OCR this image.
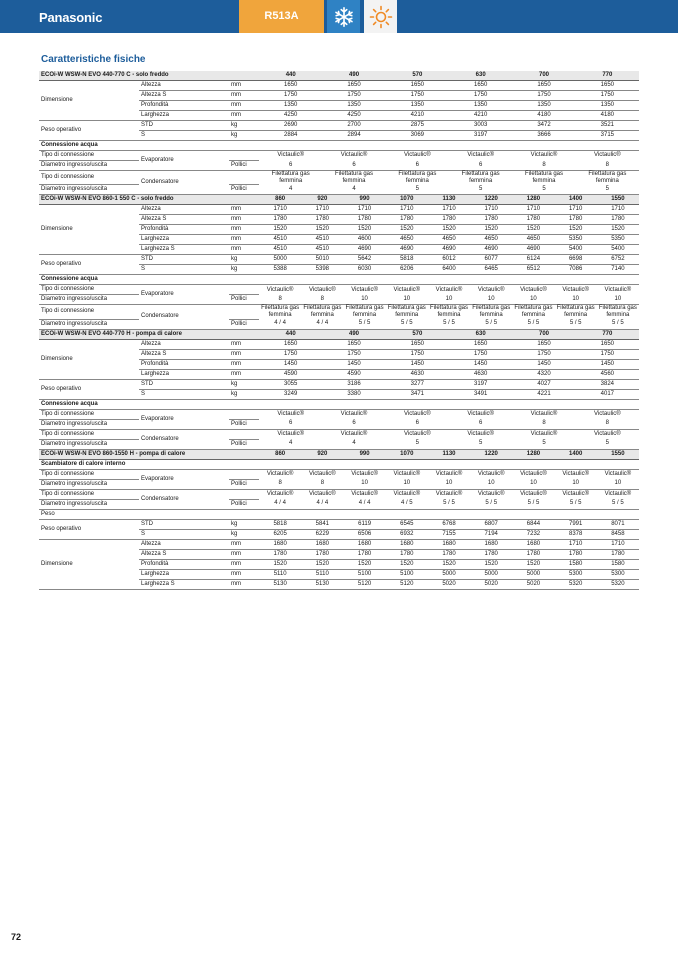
Panasonic	R513A
Caratteristiche fisiche
ECOi-W WSW-N EVO 440-770 C - solo freddo			440	490	570	630	700	770
Dimensione	Altezza	mm	1650	1650	1650	1650	1650	1650
	Altezza S	mm	1750	1750	1750	1750	1750	1750
	Profondità	mm	1350	1350	1350	1350	1350	1350
	Larghezza	mm	4250	4250	4210	4210	4180	4180
Peso operativo	STD	kg	2690	2700	2875	3003	3472	3521
	S	kg	2884	2894	3069	3197	3666	3715
Connessione acqua								
Tipo di connessione	Evaporatore		Victaulic®	Victaulic®	Victaulic®	Victaulic®	Victaulic®	Victaulic®
Diametro ingresso/uscita		Pollici	6	6	6	6	8	8
Tipo di connessione	Condensatore		Filettatura gas femmina	Filettatura gas femmina	Filettatura gas femmina	Filettatura gas femmina	Filettatura gas femmina	Filettatura gas femmina
Diametro ingresso/uscita		Pollici	4	4	5	5	5	5
ECOi-W WSW-N EVO 860-1 550 C - solo freddo			860	920	990	1070	1130	1220	1280	1400	1550
Dimensione	Altezza	mm	1710	1710	1710	1710	1710	1710	1710	1710	1710
	Altezza S	mm	1780	1780	1780	1780	1780	1780	1780	1780	1780
	Profondità	mm	1520	1520	1520	1520	1520	1520	1520	1520	1520
	Larghezza	mm	4510	4510	4600	4650	4650	4650	4650	5350	5350
	Larghezza S	mm	4510	4510	4690	4690	4690	4690	4690	5400	5400
Peso operativo	STD	kg	5000	5010	5642	5818	6012	6077	6124	6698	6752
	S	kg	5388	5398	6030	6206	6400	6465	6512	7086	7140
Connessione acqua											
Tipo di connessione	Evaporatore		Victaulic®	Victaulic®	Victaulic®	Victaulic®	Victaulic®	Victaulic®	Victaulic®	Victaulic®	Victaulic®
Diametro ingresso/uscita		Pollici	8	8	10	10	10	10	10	10	10
Tipo di connessione	Condensatore		Filettatura gas femmina	Filettatura gas femmina	Filettatura gas femmina	Filettatura gas femmina	Filettatura gas femmina	Filettatura gas femmina	Filettatura gas femmina	Filettatura gas femmina	Filettatura gas femmina
Diametro ingresso/uscita		Pollici	4 / 4	4 / 4	5 / 5	5 / 5	5 / 5	5 / 5	5 / 5	5 / 5	5 / 5
ECOi-W WSW-N EVO 440-770 H - pompa di calore			440	490	570	630	700	770
Dimensione	Altezza	mm	1650	1650	1650	1650	1650	1650
	Altezza S	mm	1750	1750	1750	1750	1750	1750
	Profondità	mm	1450	1450	1450	1450	1450	1450
	Larghezza	mm	4590	4590	4630	4630	4320	4560
Peso operativo	STD	kg	3055	3186	3277	3197	4027	3824
	S	kg	3249	3380	3471	3491	4221	4017
Connessione acqua								
Tipo di connessione	Evaporatore		Victaulic®	Victaulic®	Victaulic®	Victaulic®	Victaulic®	Victaulic®
Diametro ingresso/uscita		Pollici	6	6	6	6	8	8
Tipo di connessione	Condensatore		Victaulic®	Victaulic®	Victaulic®	Victaulic®	Victaulic®	Victaulic®
Diametro ingresso/uscita		Pollici	4	4	5	5	5	5
ECOi-W WSW-N EVO 860-1550 H - pompa di calore			860	920	990	1070	1130	1220	1280	1400	1550
Scambiatore di calore interno											
Tipo di connessione	Evaporatore		Victaulic®	Victaulic®	Victaulic®	Victaulic®	Victaulic®	Victaulic®	Victaulic®	Victaulic®	Victaulic®
Diametro ingresso/uscita		Pollici	8	8	10	10	10	10	10	10	10
Tipo di connessione	Condensatore		Victaulic®	Victaulic®	Victaulic®	Victaulic®	Victaulic®	Victaulic®	Victaulic®	Victaulic®	Victaulic®
Diametro ingresso/uscita		Pollici	4 / 4	4 / 4	4 / 4	4 / 5	5 / 5	5 / 5	5 / 5	5 / 5	5 / 5
Peso											
Peso operativo	STD	kg	5818	5841	6119	6545	6768	6807	6844	7991	8071
	S	kg	6205	6229	6506	6932	7155	7194	7232	8378	8458
Dimensione	Altezza	mm	1680	1680	1680	1680	1680	1680	1680	1710	1710
	Altezza S	mm	1780	1780	1780	1780	1780	1780	1780	1780	1780
	Profondità	mm	1520	1520	1520	1520	1520	1520	1520	1580	1580
	Larghezza	mm	5110	5110	5100	5100	5000	5000	5000	5300	5300
	Larghezza S	mm	5130	5130	5120	5120	5020	5020	5020	5320	5320
72
